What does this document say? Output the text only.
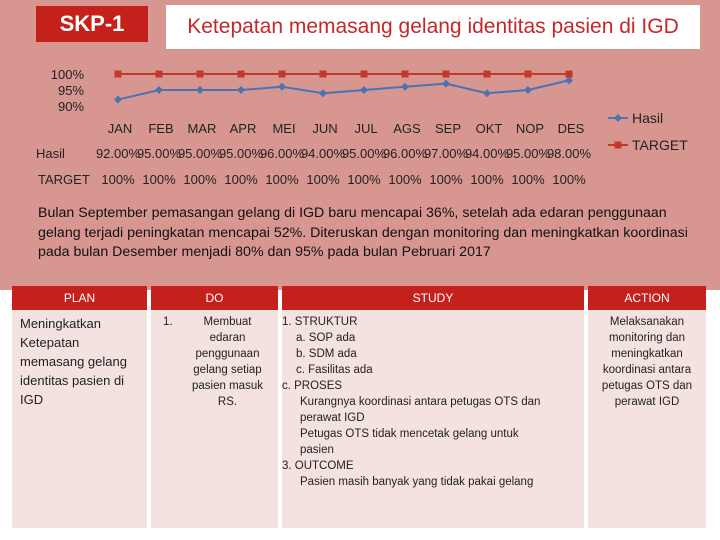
SKP-1	Ketepatan memasang gelang identitas pasien di IGD
100%
95%
90%
JAN FEB MAR APR MEI JUN JUL AGS SEP OKT NOP DES
Hasil 92.00%
95.00%
95.00%
95.00%
96.00%
94.00%
95.00%
96.00%
97.00%
94.00%
95.00%
98.00%
TARGET 100% 100% 100% 100% 100% 100% 100% 100% 100% 100% 100% 100%
Hasil
TARGET
Bulan September pemasangan gelang di IGD baru mencapai 36%, setelah ada edaran penggunaan gelang terjadi peningkatan mencapai 52%. Diteruskan dengan monitoring dan meningkatkan koordinasi pada bulan Desember menjadi 80% dan 95% pada bulan Pebruari 2017
PLAN
Meningkatkan Ketepatan memasang gelang identitas pasien di IGD
DO
1.	Membuat edaran penggunaan gelang setiap pasien masuk RS.
STUDY
1. STRUKTUR
a. SOP ada
b. SDM ada
c. Fasilitas ada
c. PROSES
Kurangnya koordinasi antara petugas OTS dan
perawat IGD
Petugas OTS tidak mencetak gelang untuk
pasien
3. OUTCOME
Pasien masih banyak yang tidak pakai gelang
ACTION
Melaksanakan monitoring dan meningkatkan koordinasi antara petugas OTS dan perawat IGD
